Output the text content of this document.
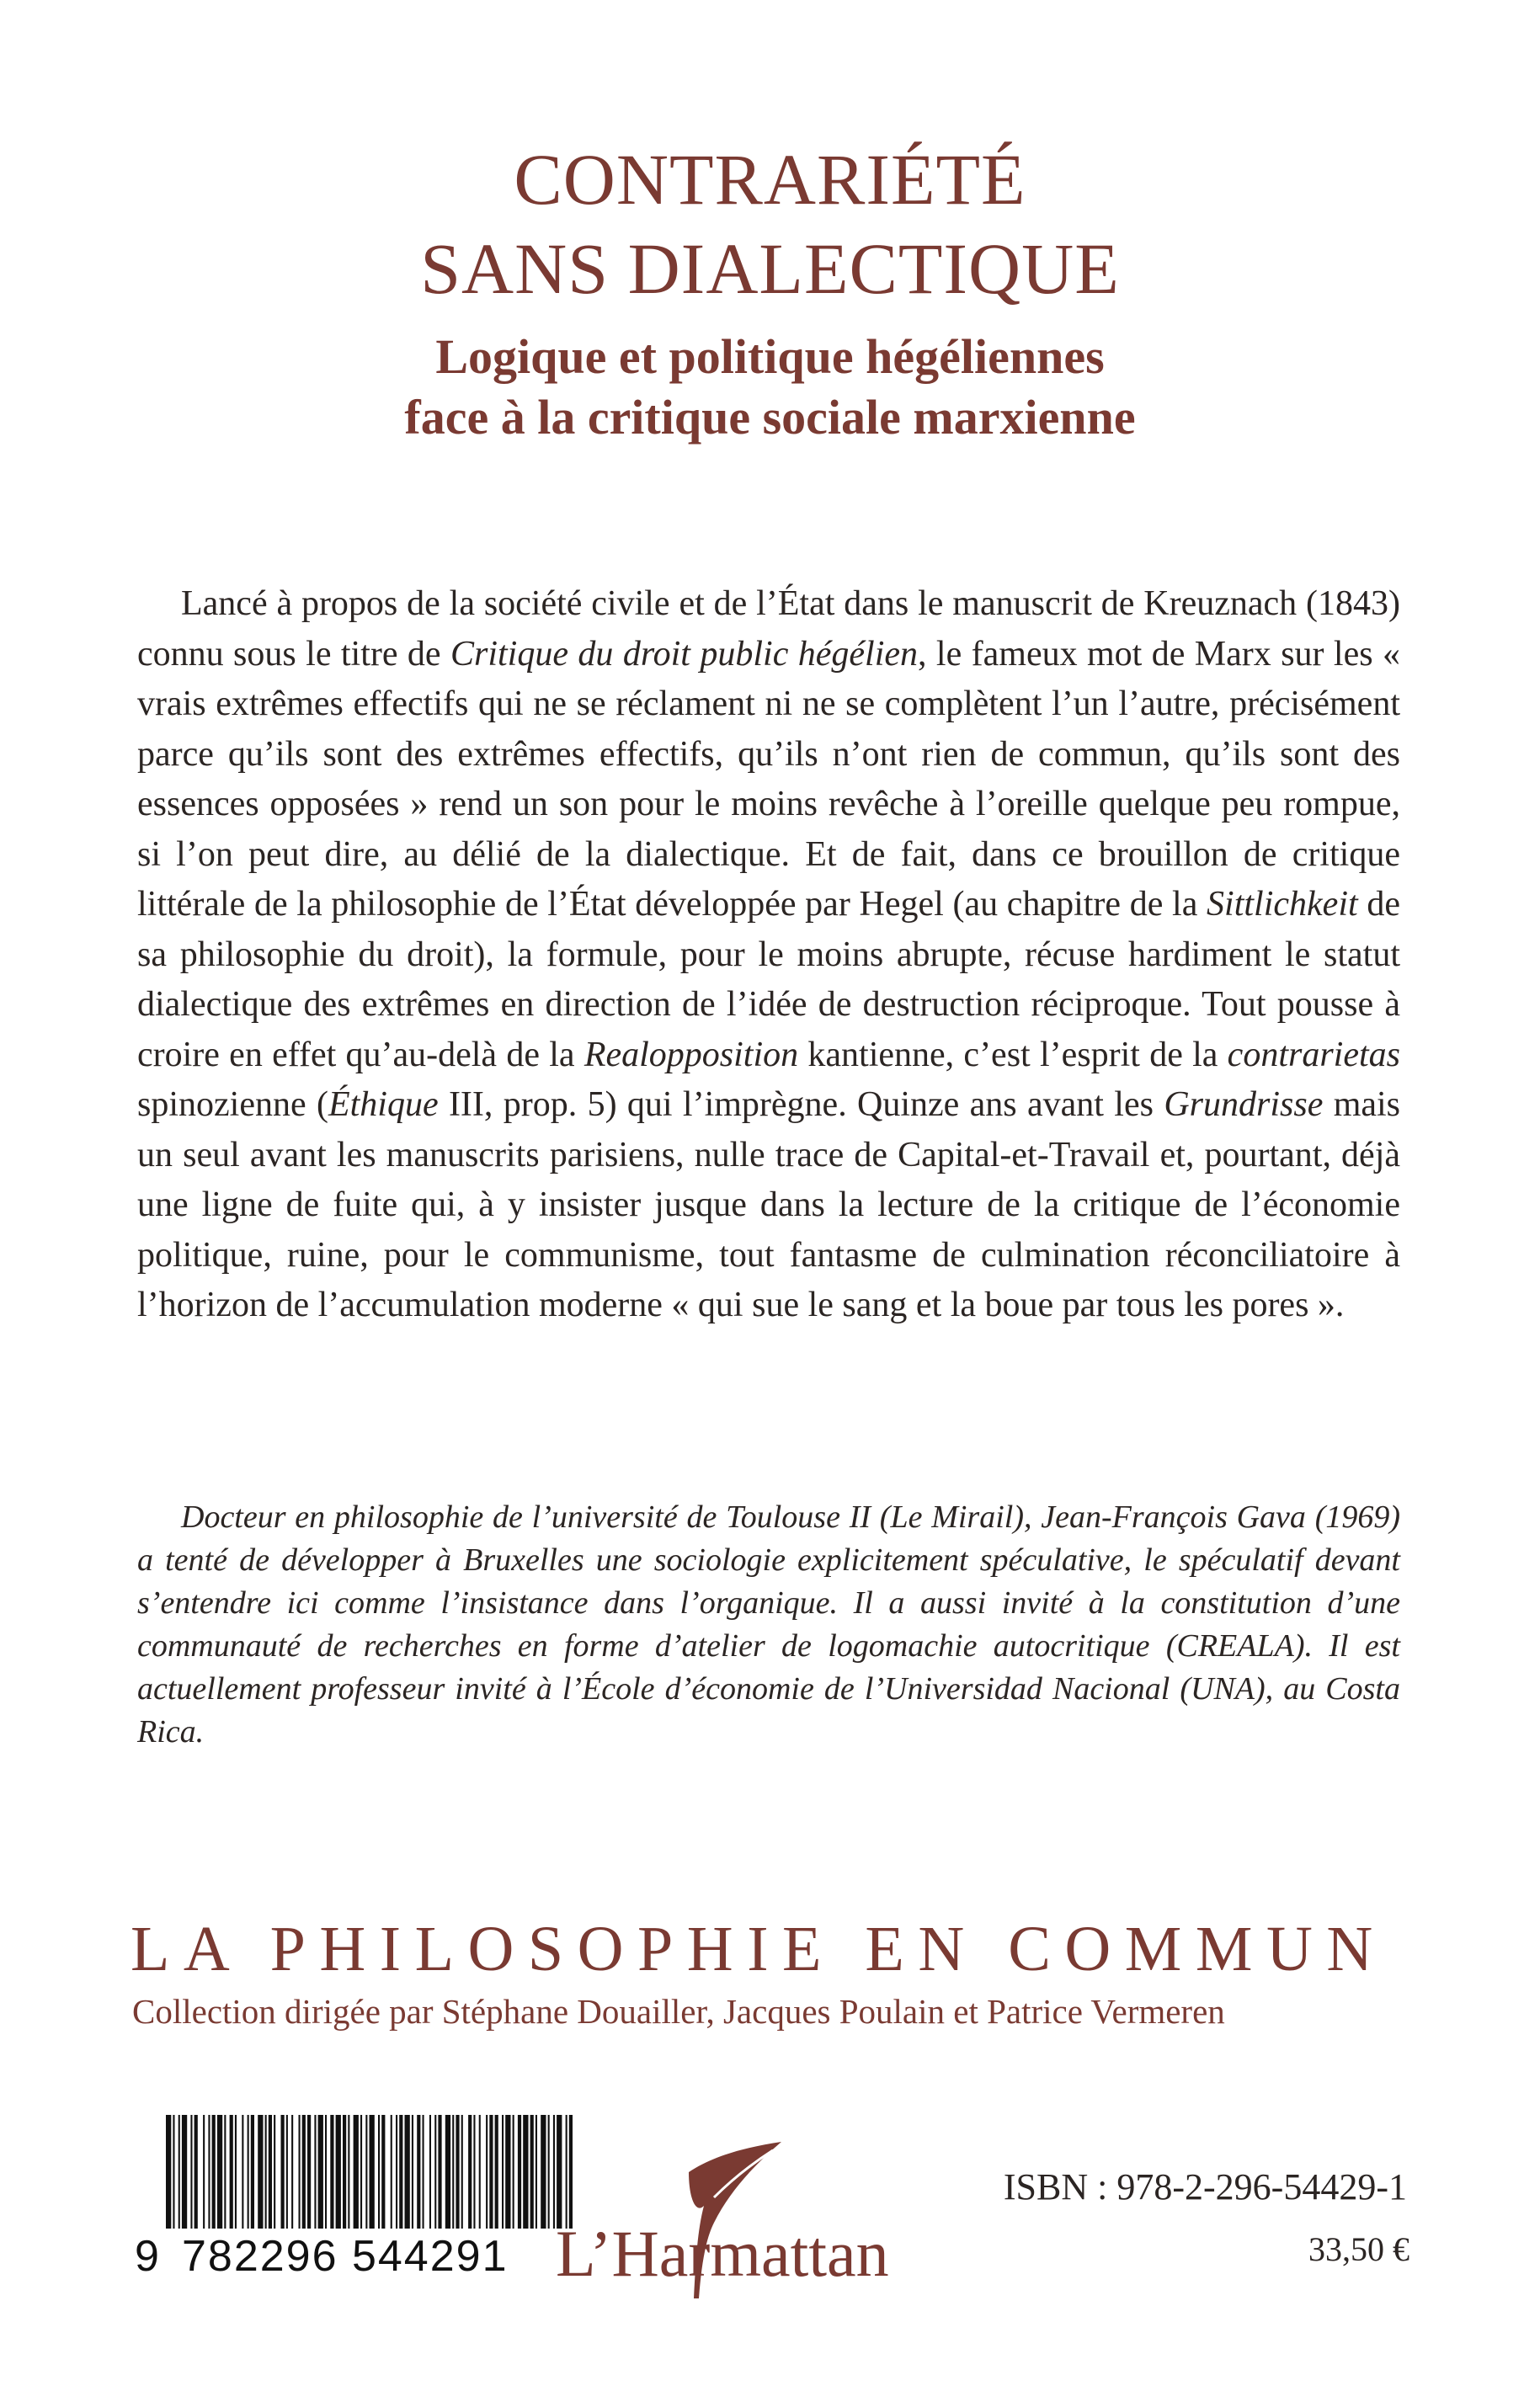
CONTRARIÉTÉ
SANS DIALECTIQUE
Logique et politique hégéliennes
face à la critique sociale marxienne
Lancé à propos de la société civile et de l’État dans le manuscrit de Kreuznach (1843) connu sous le titre de Critique du droit public hégélien, le fameux mot de Marx sur les « vrais extrêmes effectifs qui ne se réclament ni ne se complètent l’un l’autre, précisément parce qu’ils sont des extrêmes effectifs, qu’ils n’ont rien de commun, qu’ils sont des essences opposées » rend un son pour le moins revêche à l’oreille quelque peu rompue, si l’on peut dire, au délié de la dialectique. Et de fait, dans ce brouillon de critique littérale de la philosophie de l’État développée par Hegel (au chapitre de la Sittlichkeit de sa philosophie du droit), la formule, pour le moins abrupte, récuse hardiment le statut dialectique des extrêmes en direction de l’idée de destruction réciproque. Tout pousse à croire en effet qu’au-delà de la Realopposition kantienne, c’est l’esprit de la contrarietas spinozienne (Éthique III, prop. 5) qui l’imprègne. Quinze ans avant les Grundrisse mais un seul avant les manuscrits parisiens, nulle trace de Capital-et-Travail et, pourtant, déjà une ligne de fuite qui, à y insister jusque dans la lecture de la critique de l’économie politique, ruine, pour le communisme, tout fantasme de culmination réconciliatoire à l’horizon de l’accumulation moderne « qui sue le sang et la boue par tous les pores ».
Docteur en philosophie de l’université de Toulouse II (Le Mirail), Jean-François Gava (1969) a tenté de développer à Bruxelles une sociologie explicitement spéculative, le spéculatif devant s’entendre ici comme l’insistance dans l’organique. Il a aussi invité à la constitution d’une communauté de recherches en forme d’atelier de logomachie autocritique (CREALA). Il est actuellement professeur invité à l’École d’économie de l’Universidad Nacional (UNA), au Costa Rica.
LA PHILOSOPHIE EN COMMUN
Collection dirigée par Stéphane Douailler, Jacques Poulain et Patrice Vermeren
9 782296 544291 L’Harmattan
ISBN : 978-2-296-54429-1
33,50 €
